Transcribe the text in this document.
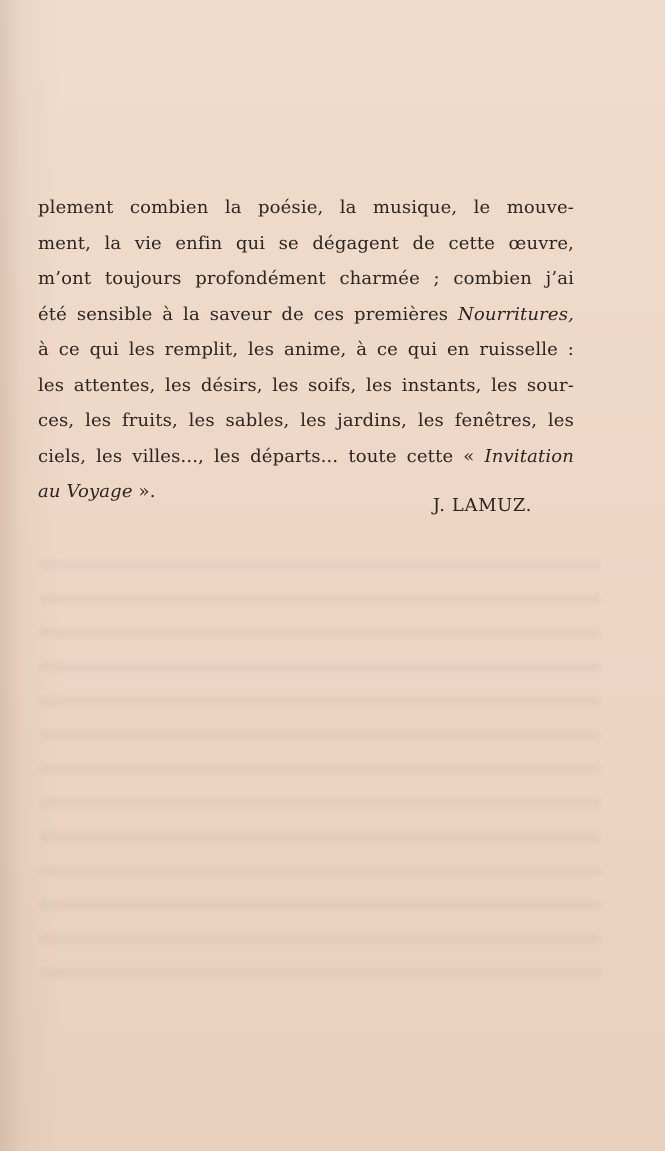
plement combien la poésie, la musique, le mouve-
ment, la vie enfin qui se dégagent de cette œuvre,
m’ont toujours profondément charmée ; combien j’ai
été sensible à la saveur de ces premières Nourritures,
à ce qui les remplit, les anime, à ce qui en ruisselle :
les attentes, les désirs, les soifs, les instants, les sour-
ces, les fruits, les sables, les jardins, les fenêtres, les
ciels, les villes..., les départs... toute cette « Invitation
au Voyage ».
J. LAMUZ.
